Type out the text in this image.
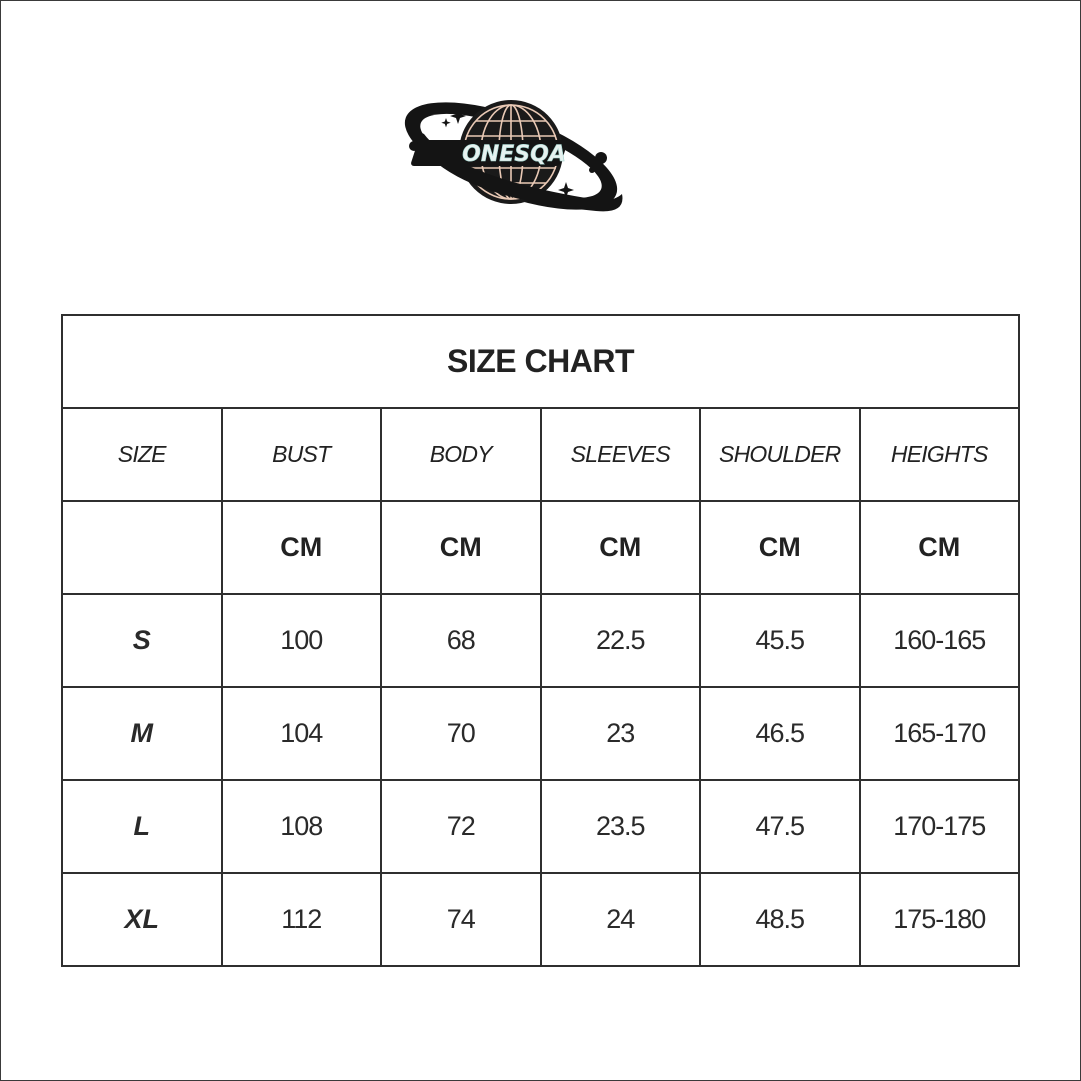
ONESQA
SIZE CHART					
SIZE	BUST	BODY	SLEEVES	SHOULDER	HEIGHTS
	CM	CM	CM	CM	CM
S	100	68	22.5	45.5	160-165
M	104	70	23	46.5	165-170
L	108	72	23.5	47.5	170-175
XL	112	74	24	48.5	175-180
